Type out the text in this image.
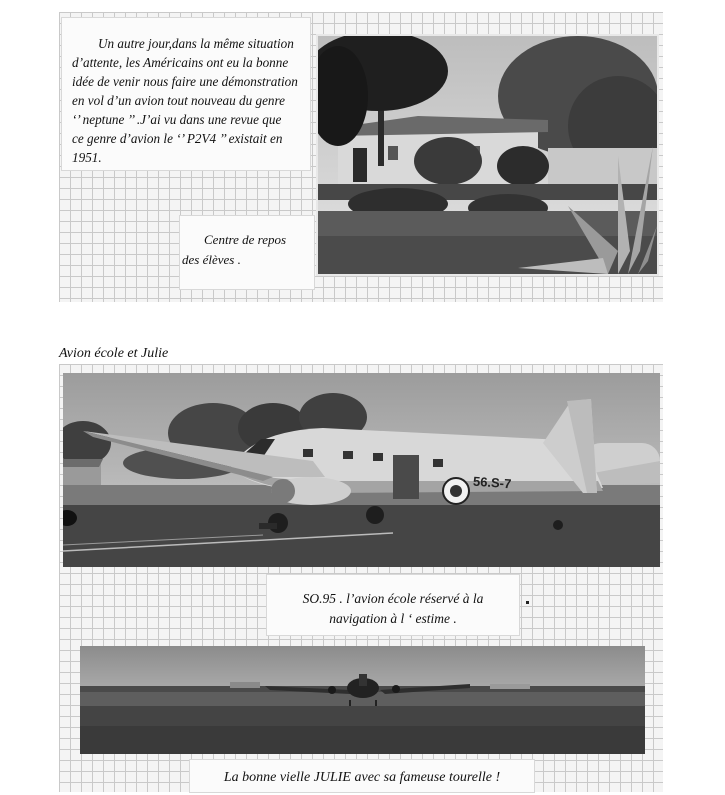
Un autre jour,dans la même situation

d’attente, les Américains ont eu la bonne
idée de venir nous faire une démonstration
en vol d’un avion tout nouveau du genre
‘’ neptune ’’ .J’ai vu dans une revue que
ce genre d’avion le ‘’ P2V4 ’’ existait en
1951.

Centre de repos
des élèves .

Avion école et Julie
56.S-7

SO.95 . l’avion école réservé à la
navigation à l ‘ estime .

La bonne vielle JULIE avec sa fameuse tourelle !
